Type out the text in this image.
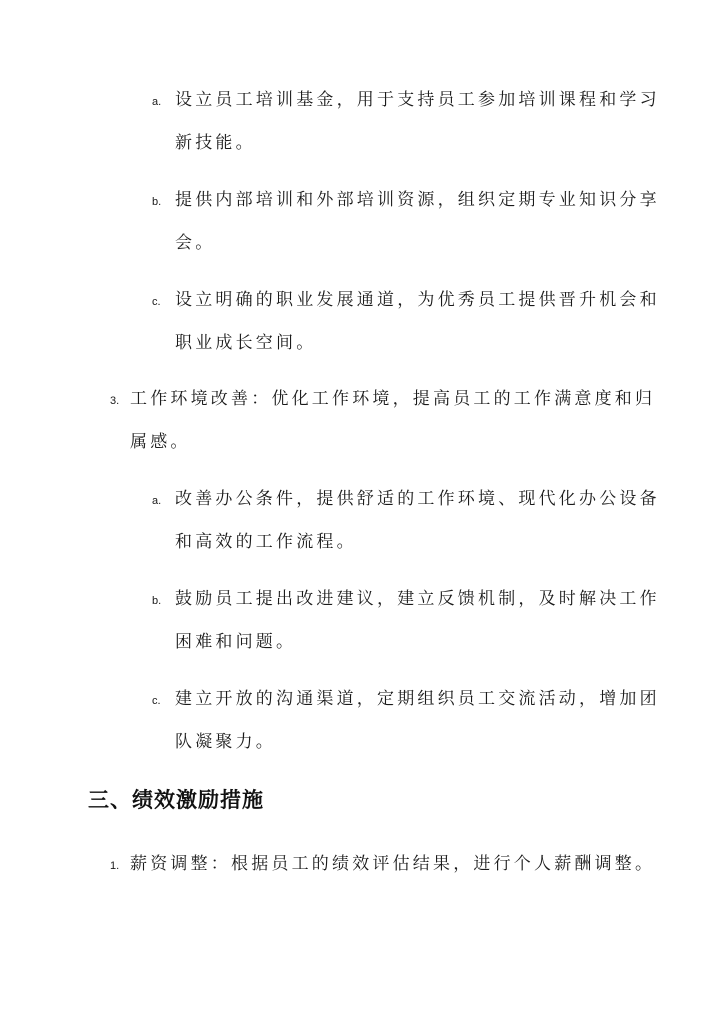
a. 设立员工培训基金，用于支持员工参加培训课程和学习
新技能。
b. 提供内部培训和外部培训资源，组织定期专业知识分享
会。
c. 设立明确的职业发展通道，为优秀员工提供晋升机会和
职业成长空间。
3. 工作环境改善：优化工作环境，提高员工的工作满意度和归
属感。
a. 改善办公条件，提供舒适的工作环境、现代化办公设备
和高效的工作流程。
b. 鼓励员工提出改进建议，建立反馈机制，及时解决工作
困难和问题。
c. 建立开放的沟通渠道，定期组织员工交流活动，增加团
队凝聚力。
三、绩效激励措施
1. 薪资调整：根据员工的绩效评估结果，进行个人薪酬调整。
